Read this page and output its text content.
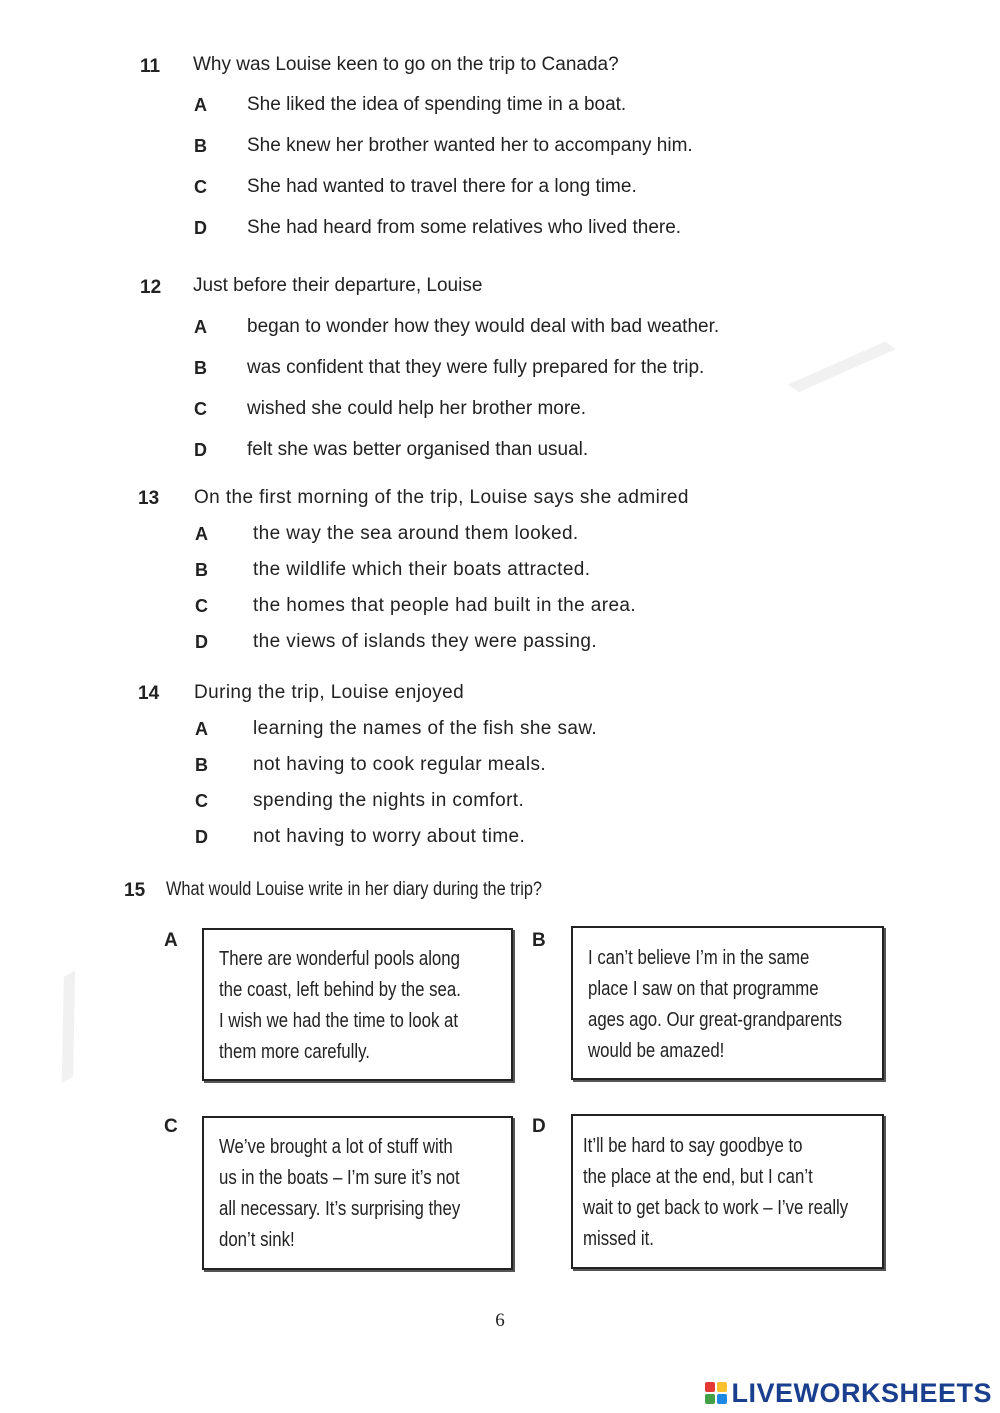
⁄
⁄
11 Why was Louise keen to go on the trip to Canada?
A She liked the idea of spending time in a boat.
B She knew her brother wanted her to accompany him.
C She had wanted to travel there for a long time.
D She had heard from some relatives who lived there.
12 Just before their departure, Louise
A began to wonder how they would deal with bad weather.
B was confident that they were fully prepared for the trip.
C wished she could help her brother more.
D felt she was better organised than usual.
13 On the first morning of the trip, Louise says she admired
A the way the sea around them looked.
B the wildlife which their boats attracted.
C the homes that people had built in the area.
D the views of islands they were passing.
14 During the trip, Louise enjoyed
A learning the names of the fish she saw.
B not having to cook regular meals.
C spending the nights in comfort.
D not having to worry about time.
15 What would Louise write in her diary during the trip?
A
There are wonderful pools along
the coast, left behind by the sea.
I wish we had the time to look at
them more carefully.
B
I can’t believe I’m in the same
place I saw on that programme
ages ago. Our great-grandparents
would be amazed!
C
We’ve brought a lot of stuff with
us in the boats – I’m sure it’s not
all necessary. It’s surprising they
don’t sink!
D
It’ll be hard to say goodbye to
the place at the end, but I can’t
wait to get back to work – I’ve really
missed it.
6
LIVEWORKSHEETS
